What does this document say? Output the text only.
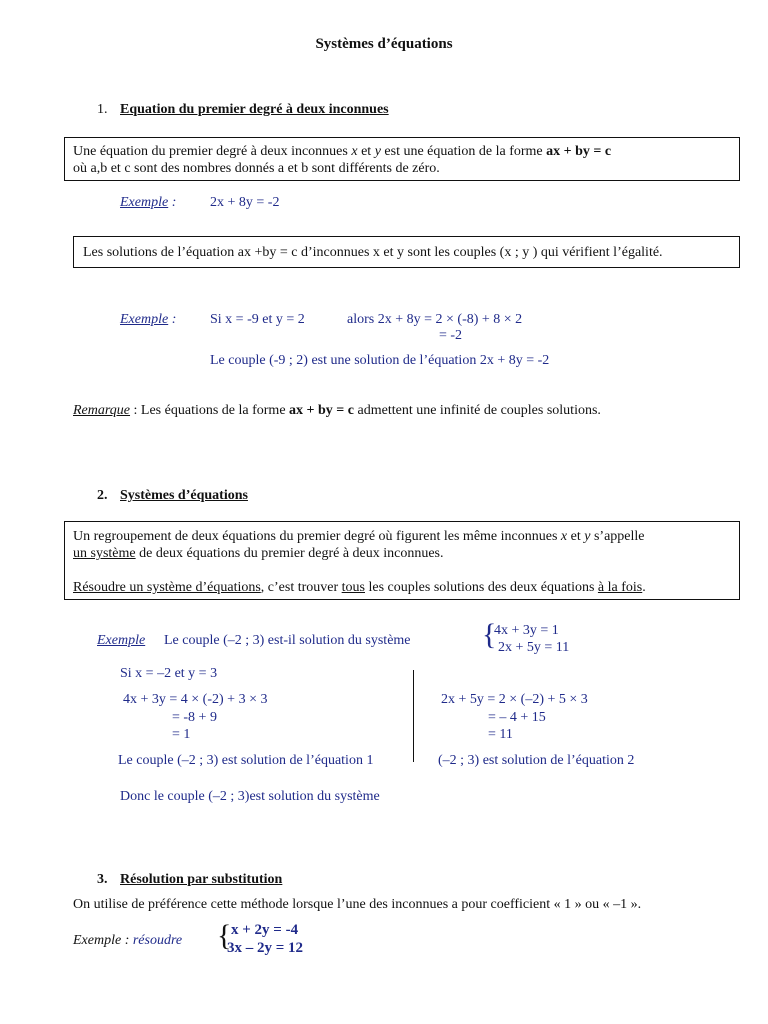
Systèmes d’équations
1. Equation du premier degré à deux inconnues
Une équation du premier degré à deux inconnues x et y est une équation de la forme ax + by = c
où a,b et c sont des nombres donnés a et b sont différents de zéro.
Exemple : 2x + 8y = -2
Les solutions de l’équation ax +by = c d’inconnues x et y sont les couples (x ; y ) qui vérifient l’égalité.
Exemple : Si x = -9 et y = 2	alors 2x + 8y = 2 × (-8) + 8 × 2
= -2
Le couple (-9 ; 2) est une solution de l’équation 2x + 8y = -2
Remarque : Les équations de la forme ax + by = c admettent une infinité de couples solutions.
2. Systèmes d’équations
Un regroupement de deux équations du premier degré où figurent les même inconnues x et y s’appelle
un système de deux équations du premier degré à deux inconnues.
Résoudre un système d’équations, c’est trouver tous les couples solutions des deux équations à la fois.
Exemple Le couple (–2 ; 3) est-il solution du système {
4x + 3y = 1
2x + 5y = 11
Si x = –2 et y = 3
4x + 3y = 4 × (-2) + 3 × 3
= -8 + 9
= 1
Le couple (–2 ; 3) est solution de l’équation 1
2x + 5y = 2 × (–2) + 5 × 3
= – 4 + 15
= 11
(–2 ; 3) est solution de l’équation 2
Donc le couple (–2 ; 3)est solution du système
3. Résolution par substitution
On utilise de préférence cette méthode lorsque l’une des inconnues a pour coefficient « 1 » ou « –1 ».
Exemple : résoudre { x + 2y = -4
3x – 2y = 12
